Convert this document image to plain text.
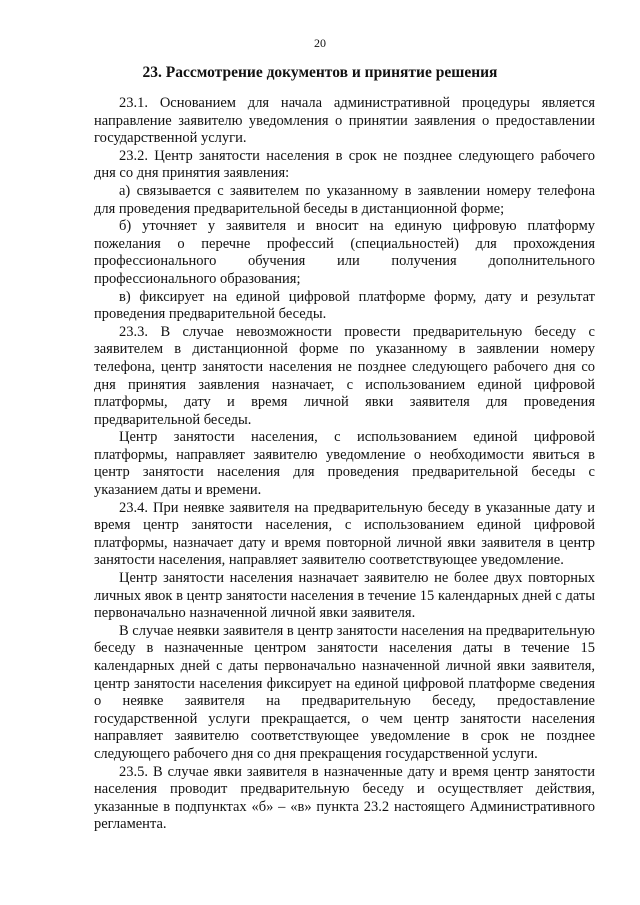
20
23. Рассмотрение документов и принятие решения

23.1. Основанием для начала административной процедуры является направление заявителю уведомления о принятии заявления о предоставлении государственной услуги.

23.2. Центр занятости населения в срок не позднее следующего рабочего дня со дня принятия заявления:

а) связывается с заявителем по указанному в заявлении номеру телефона для проведения предварительной беседы в дистанционной форме;

б) уточняет у заявителя и вносит на единую цифровую платформу пожелания о перечне профессий (специальностей) для прохождения профессионального обучения или получения дополнительного профессионального образования;

в) фиксирует на единой цифровой платформе форму, дату и результат проведения предварительной беседы.

23.3. В случае невозможности провести предварительную беседу с заявителем в дистанционной форме по указанному в заявлении номеру телефона, центр занятости населения не позднее следующего рабочего дня со дня принятия заявления назначает, с использованием единой цифровой платформы, дату и время личной явки заявителя для проведения предварительной беседы.

Центр занятости населения, с использованием единой цифровой платформы, направляет заявителю уведомление о необходимости явиться в центр занятости населения для проведения предварительной беседы с указанием даты и времени.

23.4. При неявке заявителя на предварительную беседу в указанные дату и время центр занятости населения, с использованием единой цифровой платформы, назначает дату и время повторной личной явки заявителя в центр занятости населения, направляет заявителю соответствующее уведомление.

Центр занятости населения назначает заявителю не более двух повторных личных явок в центр занятости населения в течение 15 календарных дней с даты первоначально назначенной личной явки заявителя.

В случае неявки заявителя в центр занятости населения на предварительную беседу в назначенные центром занятости населения даты в течение 15 календарных дней с даты первоначально назначенной личной явки заявителя, центр занятости населения фиксирует на единой цифровой платформе сведения о неявке заявителя на предварительную беседу, предоставление государственной услуги прекращается, о чем центр занятости населения направляет заявителю соответствующее уведомление в срок не позднее следующего рабочего дня со дня прекращения государственной услуги.

23.5. В случае явки заявителя в назначенные дату и время центр занятости населения проводит предварительную беседу и осуществляет действия, указанные в подпунктах «б» – «в» пункта 23.2 настоящего Административного регламента.
